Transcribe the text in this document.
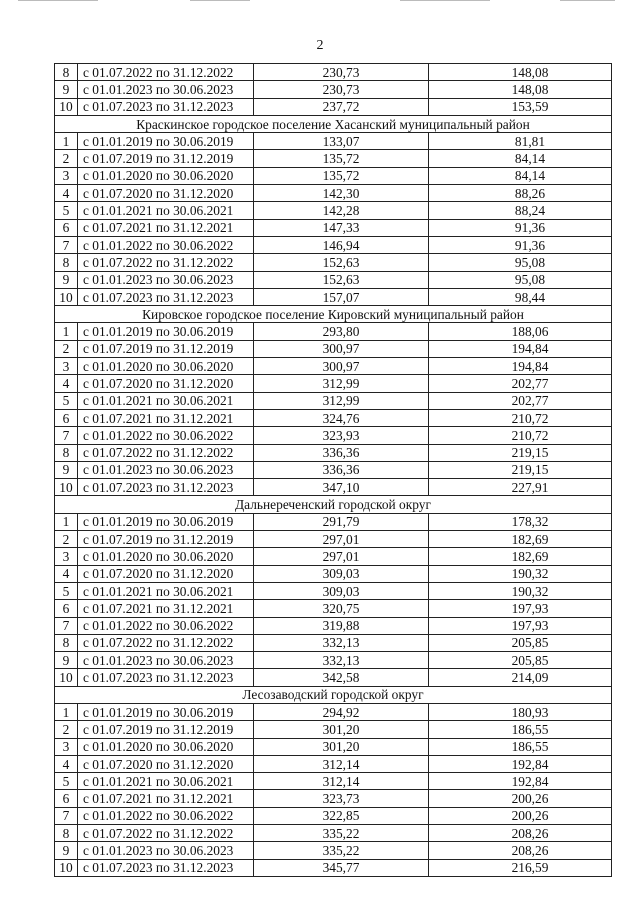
2
8	с 01.07.2022 по 31.12.2022	230,73	148,08
9	с 01.01.2023 по 30.06.2023	230,73	148,08
10	с 01.07.2023 по 31.12.2023	237,72	153,59
Краскинское городское поселение Хасанский муниципальный район			
1	с 01.01.2019 по 30.06.2019	133,07	81,81
2	с 01.07.2019 по 31.12.2019	135,72	84,14
3	с 01.01.2020 по 30.06.2020	135,72	84,14
4	с 01.07.2020 по 31.12.2020	142,30	88,26
5	с 01.01.2021 по 30.06.2021	142,28	88,24
6	с 01.07.2021 по 31.12.2021	147,33	91,36
7	с 01.01.2022 по 30.06.2022	146,94	91,36
8	с 01.07.2022 по 31.12.2022	152,63	95,08
9	с 01.01.2023 по 30.06.2023	152,63	95,08
10	с 01.07.2023 по 31.12.2023	157,07	98,44
Кировское городское поселение Кировский муниципальный район			
1	с 01.01.2019 по 30.06.2019	293,80	188,06
2	с 01.07.2019 по 31.12.2019	300,97	194,84
3	с 01.01.2020 по 30.06.2020	300,97	194,84
4	с 01.07.2020 по 31.12.2020	312,99	202,77
5	с 01.01.2021 по 30.06.2021	312,99	202,77
6	с 01.07.2021 по 31.12.2021	324,76	210,72
7	с 01.01.2022 по 30.06.2022	323,93	210,72
8	с 01.07.2022 по 31.12.2022	336,36	219,15
9	с 01.01.2023 по 30.06.2023	336,36	219,15
10	с 01.07.2023 по 31.12.2023	347,10	227,91
Дальнереченский городской округ			
1	с 01.01.2019 по 30.06.2019	291,79	178,32
2	с 01.07.2019 по 31.12.2019	297,01	182,69
3	с 01.01.2020 по 30.06.2020	297,01	182,69
4	с 01.07.2020 по 31.12.2020	309,03	190,32
5	с 01.01.2021 по 30.06.2021	309,03	190,32
6	с 01.07.2021 по 31.12.2021	320,75	197,93
7	с 01.01.2022 по 30.06.2022	319,88	197,93
8	с 01.07.2022 по 31.12.2022	332,13	205,85
9	с 01.01.2023 по 30.06.2023	332,13	205,85
10	с 01.07.2023 по 31.12.2023	342,58	214,09
Лесозаводский городской округ			
1	с 01.01.2019 по 30.06.2019	294,92	180,93
2	с 01.07.2019 по 31.12.2019	301,20	186,55
3	с 01.01.2020 по 30.06.2020	301,20	186,55
4	с 01.07.2020 по 31.12.2020	312,14	192,84
5	с 01.01.2021 по 30.06.2021	312,14	192,84
6	с 01.07.2021 по 31.12.2021	323,73	200,26
7	с 01.01.2022 по 30.06.2022	322,85	200,26
8	с 01.07.2022 по 31.12.2022	335,22	208,26
9	с 01.01.2023 по 30.06.2023	335,22	208,26
10	с 01.07.2023 по 31.12.2023	345,77	216,59
